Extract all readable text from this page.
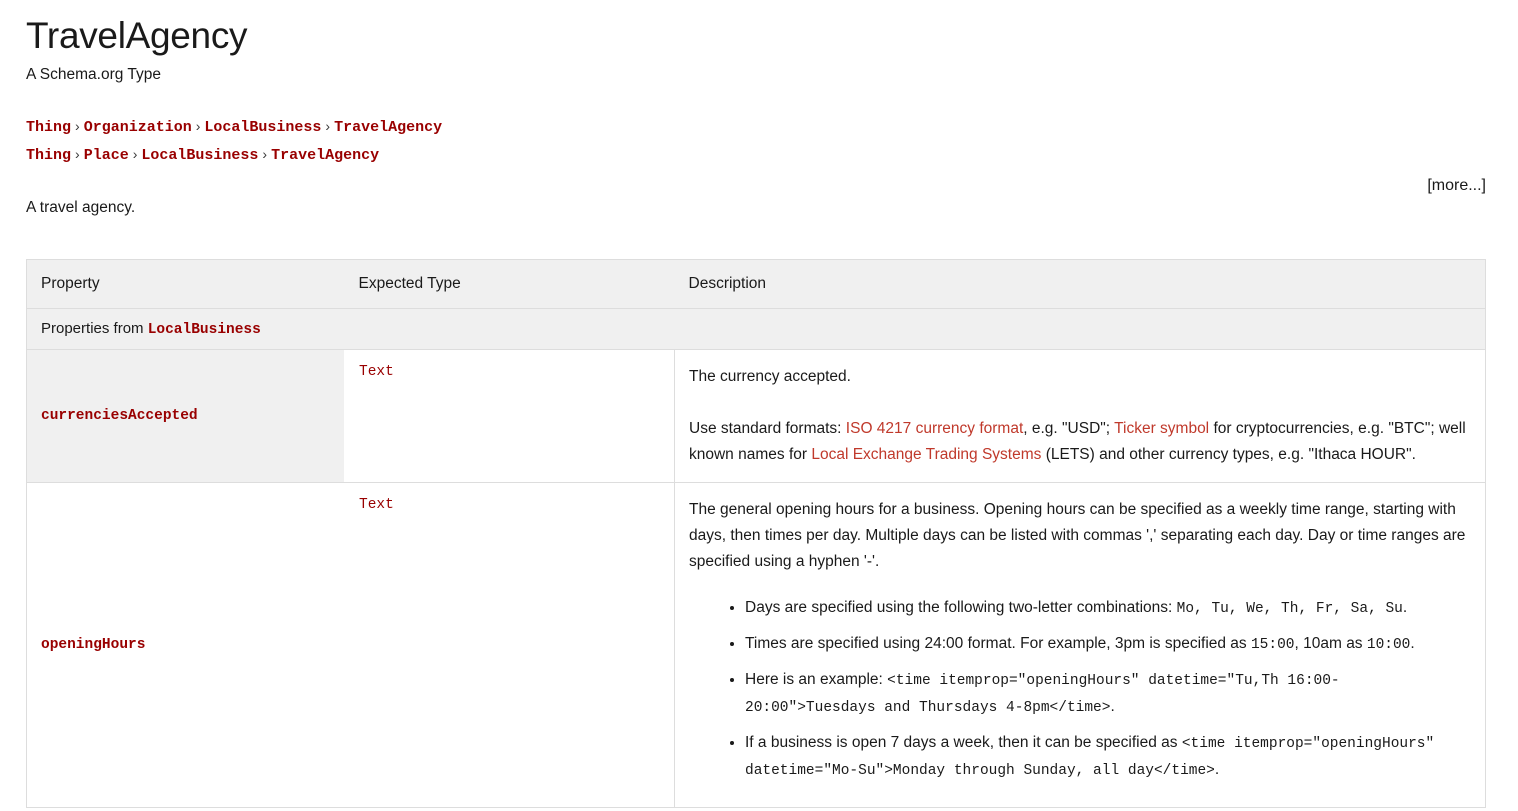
TravelAgency
A Schema.org Type
Thing › Organization › LocalBusiness › TravelAgency
Thing › Place › LocalBusiness › TravelAgency
[more...]
A travel agency.
Property	Expected Type	Description
Properties from LocalBusiness		
currenciesAccepted	Text	The currency accepted.

Use standard formats: ISO 4217 currency format, e.g. "USD"; Ticker symbol for cryptocurrencies, e.g. "BTC"; well known names for Local Exchange Trading Systems (LETS) and other currency types, e.g. "Ithaca HOUR".

openingHours	Text	The general opening hours for a business. Opening hours can be specified as a weekly time range, starting with days, then times per day. Multiple days can be listed with commas ',' separating each day. Day or time ranges are specified using a hyphen '-'.

• Days are specified using the following two-letter combinations: Mo, Tu, We, Th, Fr, Sa, Su.
• Times are specified using 24:00 format. For example, 3pm is specified as 15:00, 10am as 10:00.
• Here is an example: <time itemprop="openingHours" datetime="Tu,Th 16:00-20:00">Tuesdays and Thursdays 4-8pm</time>.
• If a business is open 7 days a week, then it can be specified as <time itemprop="openingHours" datetime="Mo-Su">Monday through Sunday, all day</time>.
